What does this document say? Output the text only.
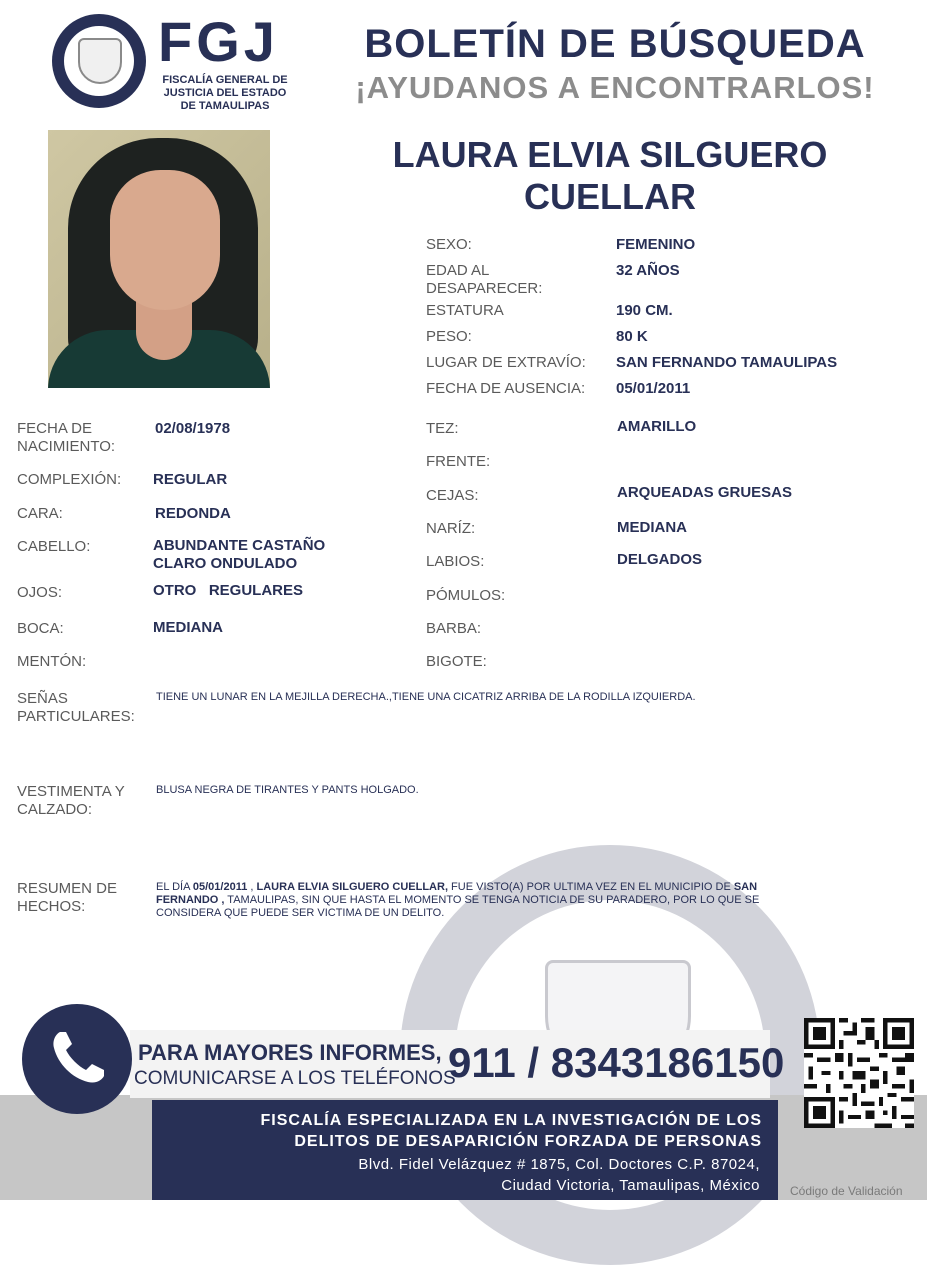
FGJ
FISCALÍA GENERAL DE
JUSTICIA DEL ESTADO
DE TAMAULIPAS
BOLETÍN DE BÚSQUEDA
¡AYUDANOS A ENCONTRARLOS!
LAURA ELVIA SILGUERO
CUELLAR
SEXO:	FEMENINO
EDAD AL
DESAPARECER:
32 AÑOS
ESTATURA	190 CM.
PESO:	80 K
LUGAR DE EXTRAVÍO: SAN FERNANDO TAMAULIPAS
FECHA DE AUSENCIA: 05/01/2011
FECHA DE
NACIMIENTO:
02/08/1978
COMPLEXIÓN: REGULAR
CARA:	REDONDA
CABELLO:	ABUNDANTE CASTAÑO
CLARO ONDULADO
OJOS:	OTRO   REGULARES
BOCA:	MEDIANA
MENTÓN:
TEZ:	AMARILLO
FRENTE:
CEJAS:	ARQUEADAS GRUESAS
NARÍZ:	MEDIANA
LABIOS:	DELGADOS
PÓMULOS:
BARBA:
BIGOTE:
SEÑAS
PARTICULARES:
TIENE UN LUNAR EN LA MEJILLA DERECHA.,TIENE UNA CICATRIZ ARRIBA DE LA RODILLA IZQUIERDA.
VESTIMENTA Y
CALZADO:
BLUSA NEGRA DE TIRANTES Y PANTS HOLGADO.
RESUMEN DE
HECHOS:
EL DÍA 05/01/2011 , LAURA ELVIA SILGUERO CUELLAR, FUE VISTO(A) POR ULTIMA VEZ EN EL MUNICIPIO DE SAN
FERNANDO , TAMAULIPAS, SIN QUE HASTA EL MOMENTO SE TENGA NOTICIA DE SU PARADERO, POR LO QUE SE
CONSIDERA QUE PUEDE SER VICTIMA DE UN DELITO.
PARA MAYORES INFORMES,
COMUNICARSE A LOS TELÉFONOS
911 / 8343186150
FISCALÍA ESPECIALIZADA EN LA INVESTIGACIÓN DE LOS
DELITOS DE DESAPARICIÓN FORZADA DE PERSONAS
Blvd. Fidel Velázquez # 1875, Col. Doctores C.P. 87024,
Ciudad Victoria, Tamaulipas, México	Código de Validación
